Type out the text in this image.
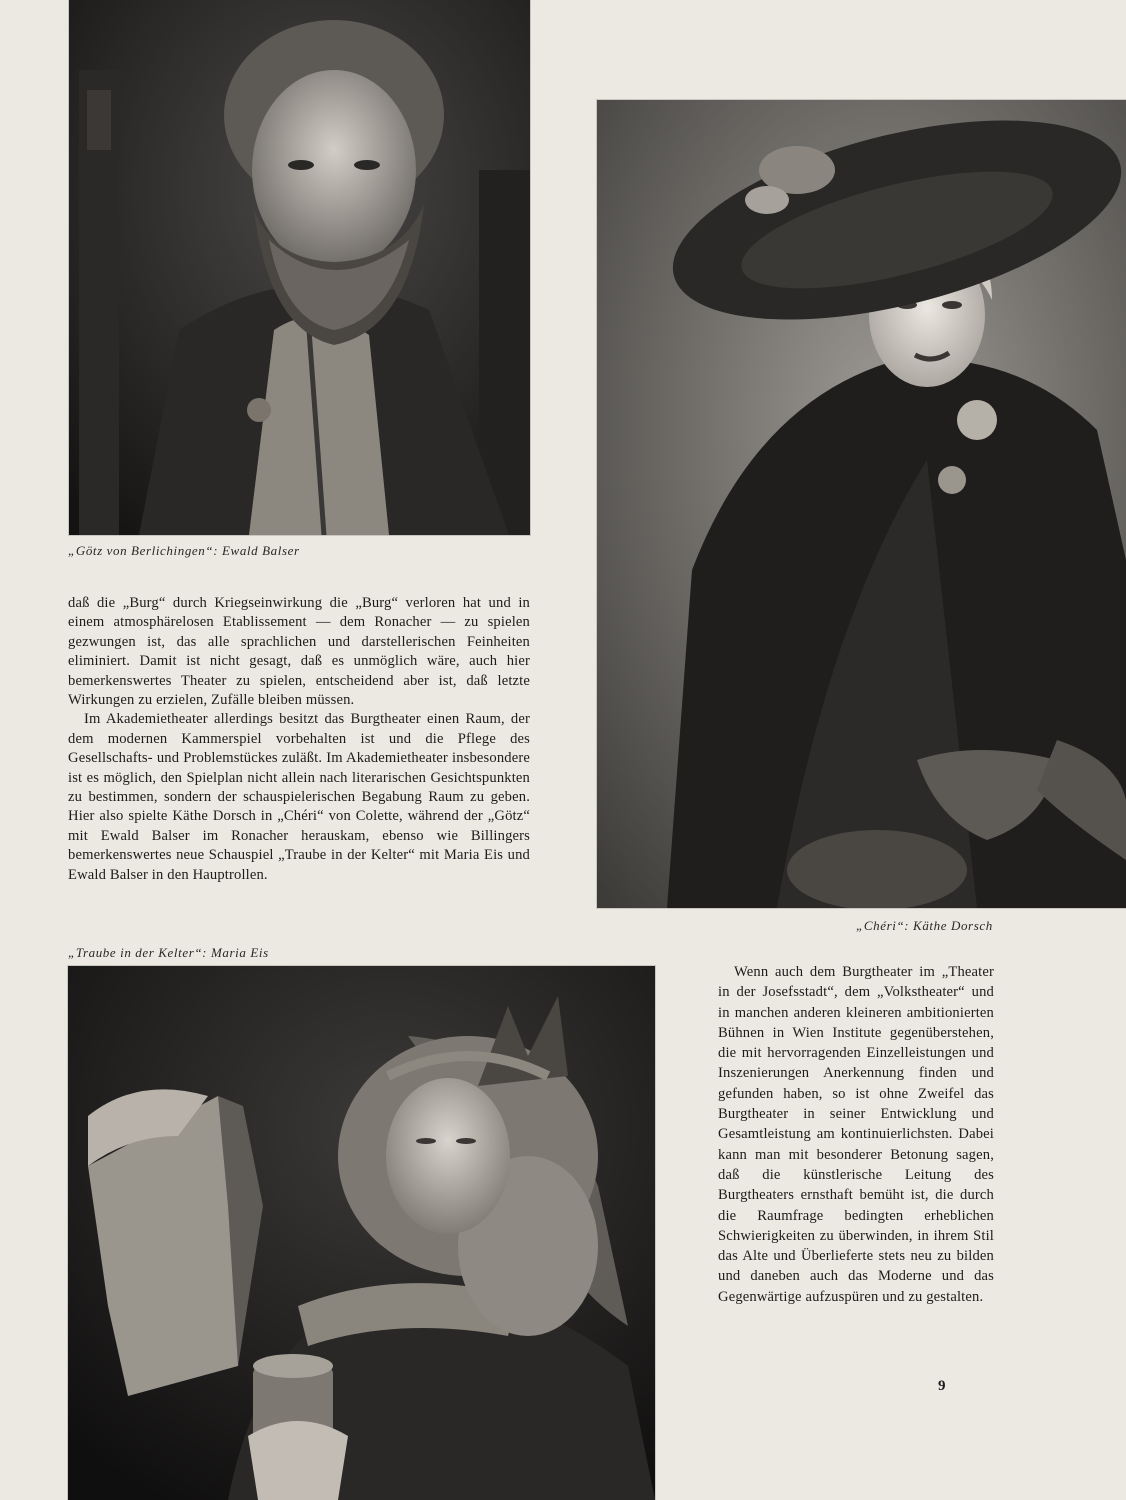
„Götz von Berlichingen“: Ewald Balser
„Chéri“: Käthe Dorsch

daß die „Burg“ durch Kriegseinwirkung die „Burg“ verloren hat und in einem atmosphärelosen Etablissement — dem Ronacher — zu spielen gezwungen ist, das alle sprachlichen und darstellerischen Feinheiten eliminiert. Damit ist nicht gesagt, daß es unmöglich wäre, auch hier bemerkenswertes Theater zu spielen, entscheidend aber ist, daß letzte Wirkungen zu erzielen, Zufälle bleiben müssen.

Im Akademietheater allerdings besitzt das Burgtheater einen Raum, der dem modernen Kammerspiel vorbehalten ist und die Pflege des Gesellschafts- und Problemstückes zuläßt. Im Akademietheater insbesondere ist es möglich, den Spielplan nicht allein nach literarischen Gesichtspunkten zu bestimmen, sondern der schauspielerischen Begabung Raum zu geben. Hier also spielte Käthe Dorsch in „Chéri“ von Colette, während der „Götz“ mit Ewald Balser im Ronacher herauskam, ebenso wie Billingers bemerkenswertes neue Schauspiel „Traube in der Kelter“ mit Maria Eis und Ewald Balser in den Hauptrollen.

„Traube in der Kelter“: Maria Eis

Wenn auch dem Burgtheater im „Theater in der Josefsstadt“, dem „Volkstheater“ und in manchen anderen kleineren ambitionierten Bühnen in Wien Institute gegenüberstehen, die mit hervorragenden Einzelleistungen und Inszenierungen Anerkennung finden und gefunden haben, so ist ohne Zweifel das Burgtheater in seiner Entwicklung und Gesamtleistung am kontinuierlichsten. Dabei kann man mit besonderer Betonung sagen, daß die künstlerische Leitung des Burgtheaters ernsthaft bemüht ist, die durch die Raumfrage bedingten erheblichen Schwierigkeiten zu überwinden, in ihrem Stil das Alte und Überlieferte stets neu zu bilden und daneben auch das Moderne und das Gegenwärtige aufzuspüren und zu gestalten.

9
